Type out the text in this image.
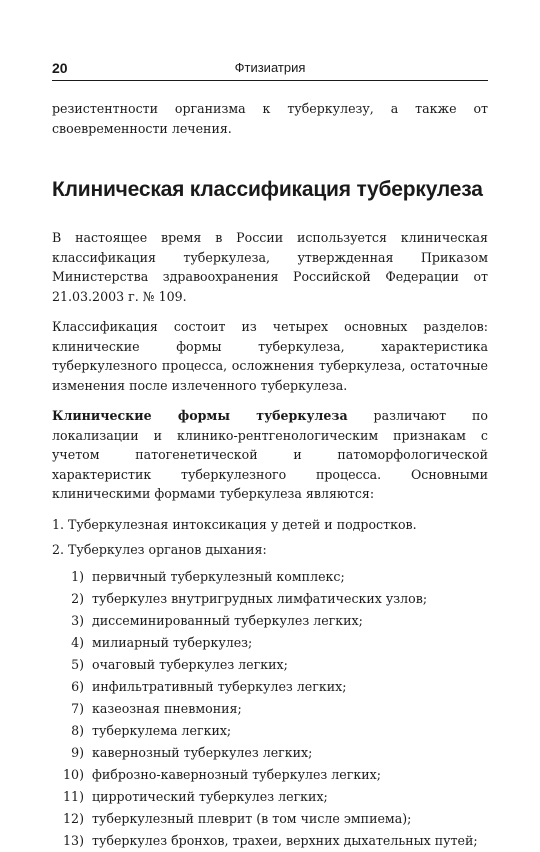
20	Фтизиатрия

резистентности организма к туберкулезу, а также от своевременности лечения.

Клиническая классификация туберкулеза

В настоящее время в России используется клиническая классификация туберкулеза, утвержденная Приказом Министерства здравоохранения Российской Федерации от 21.03.2003 г. № 109.

Классификация состоит из четырех основных разделов: клинические формы туберкулеза, характеристика туберкулезного процесса, осложнения туберкулеза, остаточные изменения после излеченного туберкулеза.

Клинические формы туберкулеза различают по локализации и клинико-рентгенологическим признакам с учетом патогенетической и патоморфологической характеристик туберкулезного процесса. Основными клиническими формами туберкулеза являются:

1. Туберкулезная интоксикация у детей и подростков.

2. Туберкулез органов дыхания:

1) первичный туберкулезный комплекс;
2) туберкулез внутригрудных лимфатических узлов;
3) диссеминированный туберкулез легких;
4) милиарный туберкулез;
5) очаговый туберкулез легких;
6) инфильтративный туберкулез легких;
7) казеозная пневмония;
8) туберкулема легких;
9) кавернозный туберкулез легких;
10) фиброзно-кавернозный туберкулез легких;
11) цирротический туберкулез легких;
12) туберкулезный плеврит (в том числе эмпиема);
13) туберкулез бронхов, трахеи, верхних дыхательных путей;
